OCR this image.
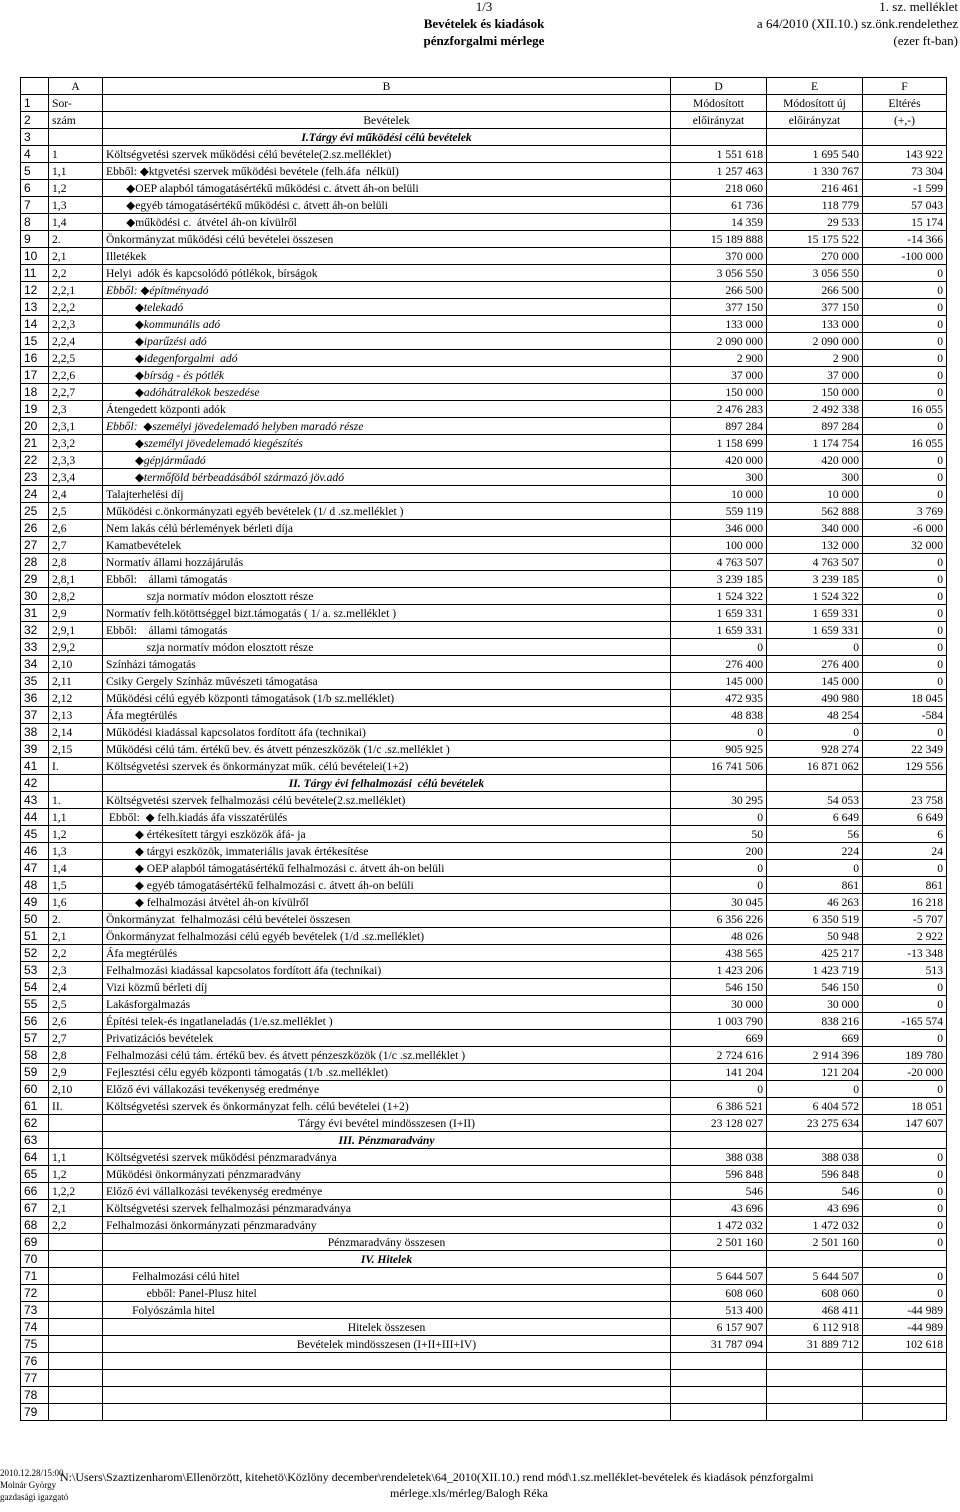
1/3
Bevételek és kiadások
pénzforgalmi mérlege
1. sz. melléklet
a 64/2010 (XII.10.) sz.önk.rendelethez
(ezer ft-ban)
	A	B	D	E	F
1	Sor-		Módosított	Módosított új	Eltérés
2	szám	Bevételek	előirányzat	előirányzat	(+,-)
3		I.Tárgy évi működési célú bevételek			
4	1	Költségvetési szervek működési célú bevétele(2.sz.melléklet)	1 551 618	1 695 540	143 922
5	1,1	Ebből: ◆ktgvetési szervek működési bevétele (felh.áfa  nélkül)	1 257 463	1 330 767	73 304
6	1,2	◆OEP alapból támogatásértékű működési c. átvett áh-on belüli	218 060	216 461	-1 599
7	1,3	◆egyéb támogatásértékű működési c. átvett áh-on belüli	61 736	118 779	57 043
8	1,4	◆működési c.  átvétel áh-on kívülről	14 359	29 533	15 174
9	2.	Önkormányzat működési célú bevételei összesen	15 189 888	15 175 522	-14 366
10	2,1	Illetékek	370 000	270 000	-100 000
11	2,2	Helyi  adók és kapcsolódó pótlékok, bírságok	3 056 550	3 056 550	0
12	2,2,1	Ebből: ◆építményadó	266 500	266 500	0
13	2,2,2	◆telekadó	377 150	377 150	0
14	2,2,3	◆kommunális adó	133 000	133 000	0
15	2,2,4	◆iparűzési adó	2 090 000	2 090 000	0
16	2,2,5	◆idegenforgalmi  adó	2 900	2 900	0
17	2,2,6	◆bírság - és pótlék	37 000	37 000	0
18	2,2,7	◆adóhátralékok beszedése	150 000	150 000	0
19	2,3	Átengedett központi adók	2 476 283	2 492 338	16 055
20	2,3,1	Ebből:  ◆személyi jövedelemadó helyben maradó része	897 284	897 284	0
21	2,3,2	◆személyi jövedelemadó kiegészítés	1 158 699	1 174 754	16 055
22	2,3,3	◆gépjárműadó	420 000	420 000	0
23	2,3,4	◆termőföld bérbeadásából származó jöv.adó	300	300	0
24	2,4	Talajterhelési díj	10 000	10 000	0
25	2,5	Működési c.önkormányzati egyéb bevételek (1/ d .sz.melléklet )	559 119	562 888	3 769
26	2,6	Nem lakás célú bérlemények bérleti díja	346 000	340 000	-6 000
27	2,7	Kamatbevételek	100 000	132 000	32 000
28	2,8	Normatív állami hozzájárulás	4 763 507	4 763 507	0
29	2,8,1	Ebből:    állami támogatás	3 239 185	3 239 185	0
30	2,8,2	szja normatív módon elosztott része	1 524 322	1 524 322	0
31	2,9	Normatív felh.kötöttséggel bizt.támogatás ( 1/ a. sz.melléklet )	1 659 331	1 659 331	0
32	2,9,1	Ebből:    állami támogatás	1 659 331	1 659 331	0
33	2,9,2	szja normatív módon elosztott része	0	0	0
34	2,10	Színházi támogatás	276 400	276 400	0
35	2,11	Csiky Gergely Színház művészeti támogatása	145 000	145 000	0
36	2,12	Működési célú egyéb központi támogatások (1/b sz.melléklet)	472 935	490 980	18 045
37	2,13	Áfa megtérülés	48 838	48 254	-584
38	2,14	Működési kiadással kapcsolatos fordított áfa (technikai)	0	0	0
39	2,15	Működési célú tám. értékű bev. és átvett pénzeszközök (1/c .sz.melléklet )	905 925	928 274	22 349
41	I.	Költségvetési szervek és önkormányzat műk. célú bevételei(1+2)	16 741 506	16 871 062	129 556
42		II. Tárgy évi felhalmozási  célú bevételek			
43	1.	Költségvetési szervek felhalmozási célú bevétele(2.sz.melléklet)	30 295	54 053	23 758
44	1,1	Ebből:  ◆ felh.kiadás áfa visszatérülés	0	6 649	6 649
45	1,2	◆ értékesített tárgyi eszközök áfá- ja	50	56	6
46	1,3	◆ tárgyi eszközök, immateriális javak értékesítése	200	224	24
47	1,4	◆ OEP alapból támogatásértékű felhalmozási c. átvett áh-on belüli	0	0	0
48	1,5	◆ egyéb támogatásértékű felhalmozási c. átvett áh-on belüli	0	861	861
49	1,6	◆ felhalmozási átvétel áh-on kívülről	30 045	46 263	16 218
50	2.	Önkormányzat  felhalmozási célú bevételei összesen	6 356 226	6 350 519	-5 707
51	2,1	Önkormányzat felhalmozási célú egyéb bevételek (1/d .sz.melléklet)	48 026	50 948	2 922
52	2,2	Áfa megtérülés	438 565	425 217	-13 348
53	2,3	Felhalmozási kiadással kapcsolatos fordított áfa (technikai)	1 423 206	1 423 719	513
54	2,4	Vizi közmű bérleti díj	546 150	546 150	0
55	2,5	Lakásforgalmazás	30 000	30 000	0
56	2,6	Építési telek-és ingatlaneladás (1/e.sz.melléklet )	1 003 790	838 216	-165 574
57	2,7	Privatizációs bevételek	669	669	0
58	2,8	Felhalmozási célú tám. értékű bev. és átvett pénzeszközök (1/c .sz.melléklet )	2 724 616	2 914 396	189 780
59	2,9	Fejlesztési célu egyéb központi támogatás (1/b .sz.melléklet)	141 204	121 204	-20 000
60	2,10	Előző évi vállakozási tevékenység eredménye	0	0	0
61	II.	Költségvetési szervek és önkormányzat felh. célú bevételei (1+2)	6 386 521	6 404 572	18 051
62		Tárgy évi bevétel mindösszesen (I+II)	23 128 027	23 275 634	147 607
63		III. Pénzmaradvány			
64	1,1	Költségvetési szervek működési pénzmaradványa	388 038	388 038	0
65	1,2	Működési önkormányzati pénzmaradvány	596 848	596 848	0
66	1,2,2	Előző évi vállalkozási tevékenység eredménye	546	546	0
67	2,1	Költségvetési szervek felhalmozási pénzmaradványa	43 696	43 696	0
68	2,2	Felhalmozási önkormányzati pénzmaradvány	1 472 032	1 472 032	0
69		Pénzmaradvány összesen	2 501 160	2 501 160	0
70		IV. Hitelek			
71		Felhalmozási célú hitel	5 644 507	5 644 507	0
72		ebből: Panel-Plusz hitel	608 060	608 060	0
73		Folyószámla hitel	513 400	468 411	-44 989
74		Hitelek összesen	6 157 907	6 112 918	-44 989
75		Bevételek mindösszesen (I+II+III+IV)	31 787 094	31 889 712	102 618
76					
77					
78					
79					
2010.12.28/15:00
Molnár György
gazdasági igazgató
N:\Users\Szaztizenharom\Ellenörzött, kitehetö\Közlöny december\rendeletek\64_2010(XII.10.) rend mód\1.sz.melléklet-bevételek és kiadások pénzforgalmi
mérlege.xls/mérleg/Balogh Réka
